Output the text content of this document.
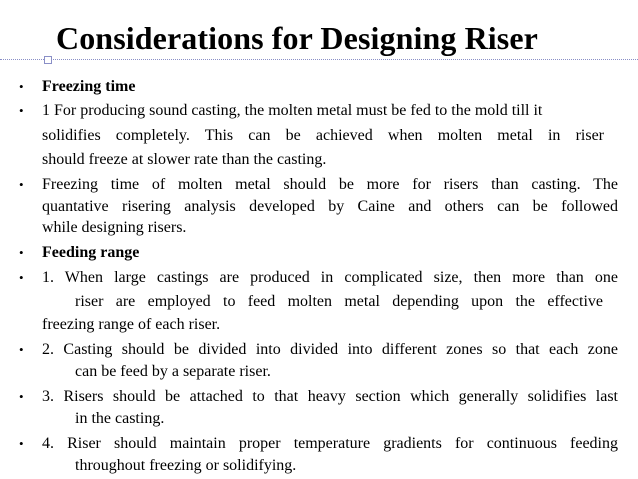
Considerations for Designing Riser
• Freezing time
• 1 For producing sound casting, the molten metal must be fed to the mold till it
solidifies completely. This can be achieved when molten metal in riser
should freeze at slower rate than the casting.
• Freezing time of molten metal should be more for risers than casting. The
quantative risering analysis developed by Caine and others can be followed
while designing risers.
• Feeding range
• 1. When large castings are produced in complicated size, then more than one
riser are employed to feed molten metal depending upon the effective
freezing range of each riser.
• 2. Casting should be divided into divided into different zones so that each zone
can be feed by a separate riser.
• 3. Risers should be attached to that heavy section which generally solidifies last
in the casting.
• 4. Riser should maintain proper temperature gradients for continuous feeding
throughout freezing or solidifying.
